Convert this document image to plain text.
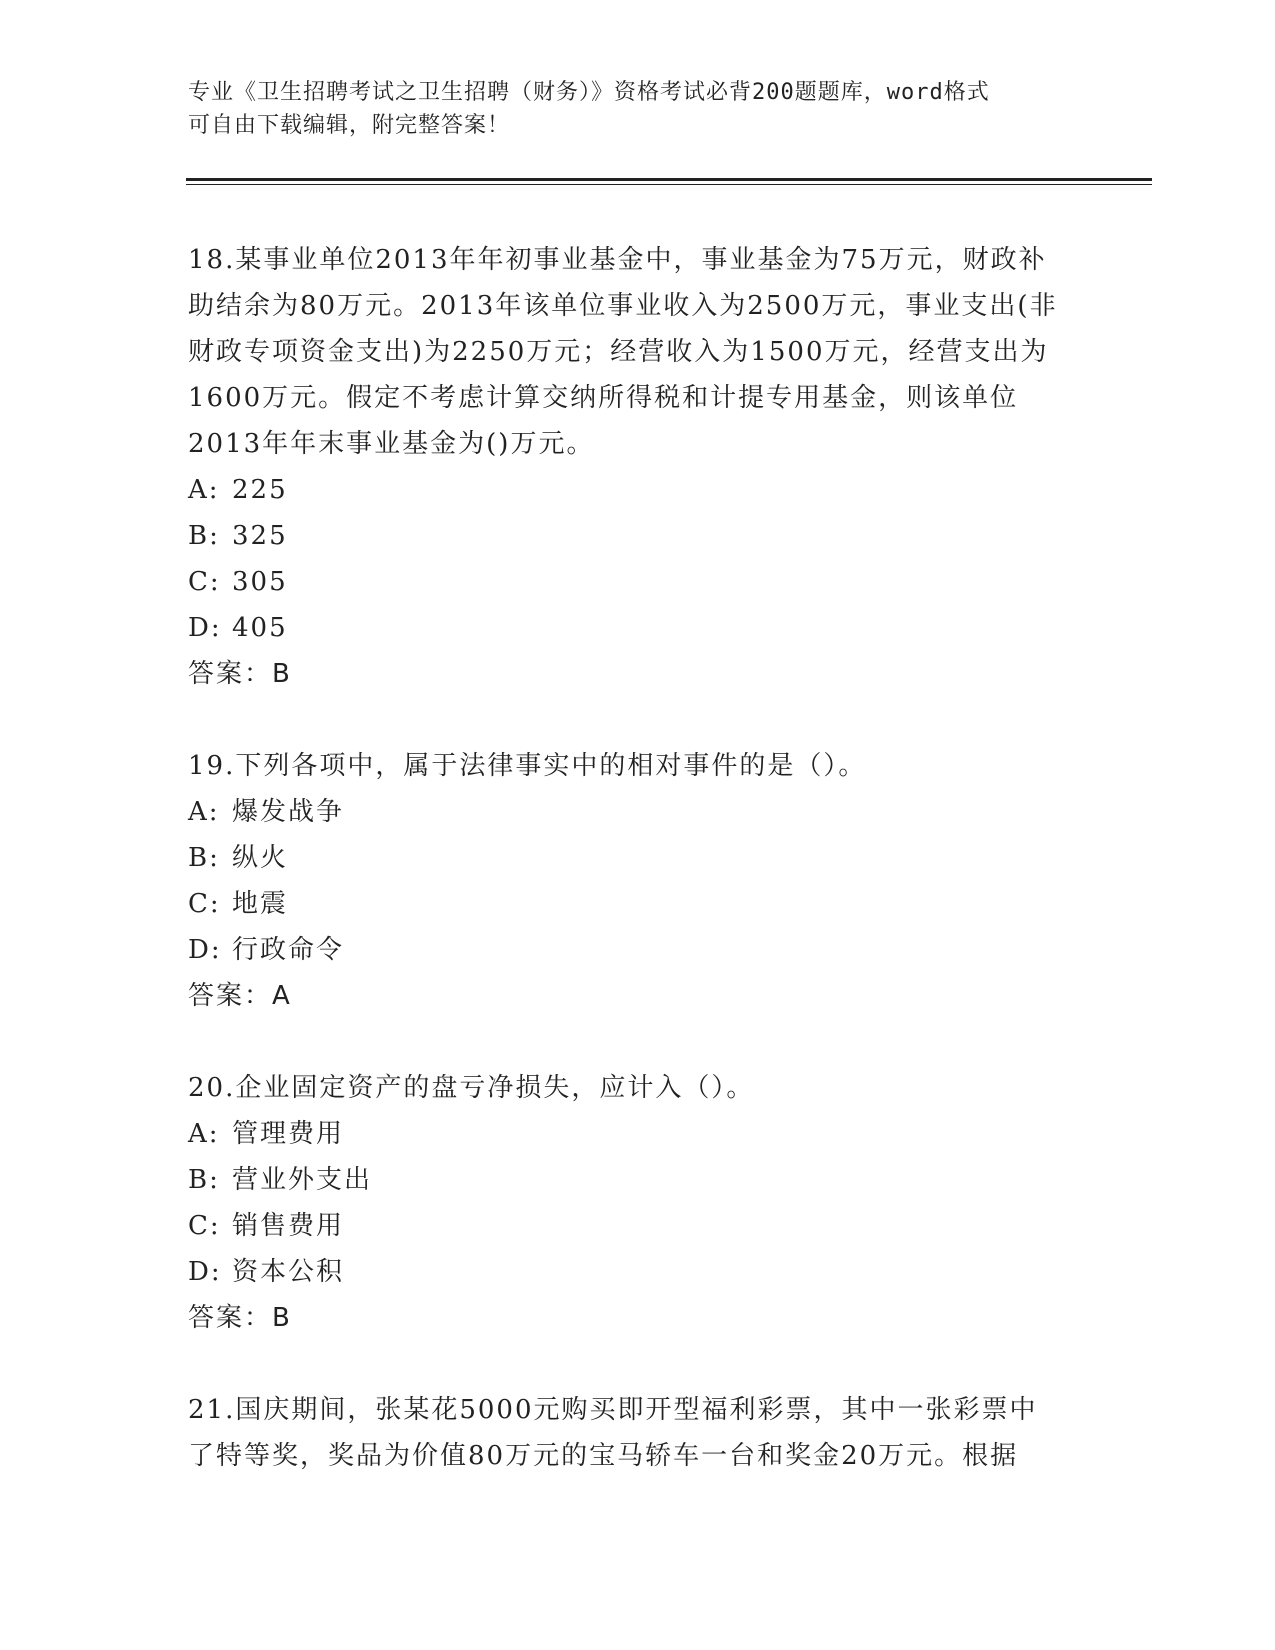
专业《卫生招聘考试之卫生招聘（财务）》资格考试必背200题题库，word格式
可自由下载编辑，附完整答案！

18.某事业单位2013年年初事业基金中，事业基金为75万元，财政补

助结余为80万元。2013年该单位事业收入为2500万元，事业支出(非

财政专项资金支出)为2250万元；经营收入为1500万元，经营支出为

1600万元。假定不考虑计算交纳所得税和计提专用基金，则该单位

2013年年末事业基金为()万元。

A: 225

B: 325

C: 305

D: 405

答案：B

19.下列各项中，属于法律事实中的相对事件的是（）。

A: 爆发战争

B: 纵火

C: 地震

D: 行政命令

答案：A

20.企业固定资产的盘亏净损失，应计入（）。

A: 管理费用

B: 营业外支出

C: 销售费用

D: 资本公积

答案：B

21.国庆期间，张某花5000元购买即开型福利彩票，其中一张彩票中

了特等奖，奖品为价值80万元的宝马轿车一台和奖金20万元。根据
